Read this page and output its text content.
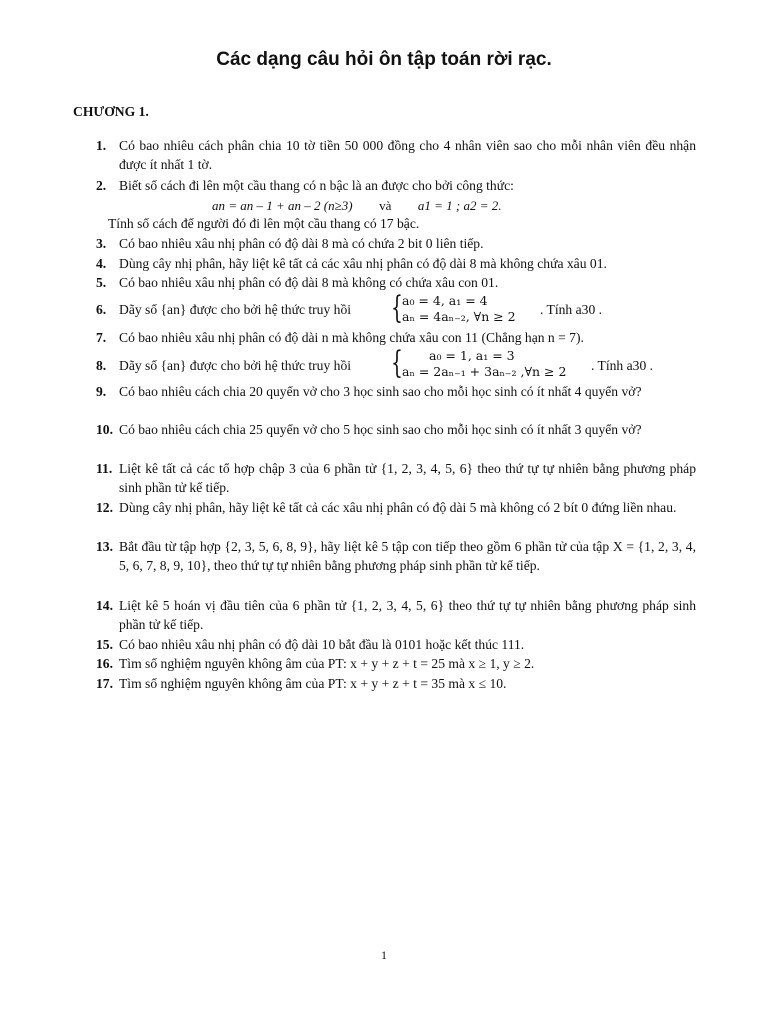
Các dạng câu hỏi ôn tập toán rời rạc.
CHƯƠNG 1.
1. Có bao nhiêu cách phân chia 10 tờ tiền 50 000 đồng cho 4 nhân viên sao cho mỗi nhân viên đều nhận được ít nhất 1 tờ.
2. Biết số cách đi lên một cầu thang có n bậc là an được cho bởi công thức:
an = an – 1 + an – 2 (n≥3) và a1 = 1 ; a2 = 2.
Tính số cách để người đó đi lên một cầu thang có 17 bậc.
3. Có bao nhiêu xâu nhị phân có độ dài 8 mà có chứa 2 bit 0 liên tiếp.
4. Dùng cây nhị phân, hãy liệt kê tất cả các xâu nhị phân có độ dài 8 mà không chứa xâu 01.
5. Có bao nhiêu xâu nhị phân có độ dài 8 mà không có chứa xâu con 01.
6. Dãy số {an} được cho bởi hệ thức truy hồi	{ a₀ = 4, a₁ = 4
aₙ = 4aₙ₋₂, ∀n ≥ 2 . Tính a30 .
7. Có bao nhiêu xâu nhị phân có độ dài n mà không chứa xâu con 11 (Chẳng hạn n = 7).
8. Dãy số {an} được cho bởi hệ thức truy hồi	{ a₀ = 1, a₁ = 3
aₙ = 2aₙ₋₁ + 3aₙ₋₂ ,∀n ≥ 2 . Tính a30 .
9. Có bao nhiêu cách chia 20 quyển vở cho 3 học sinh sao cho mỗi học sinh có ít nhất 4 quyển vở?
10. Có bao nhiêu cách chia 25 quyển vở cho 5 học sinh sao cho mỗi học sinh có ít nhất 3 quyển vở?
11. Liệt kê tất cả các tổ hợp chập 3 của 6 phần tử {1, 2, 3, 4, 5, 6} theo thứ tự tự nhiên bằng phương pháp sinh phần tử kế tiếp.
12. Dùng cây nhị phân, hãy liệt kê tất cả các xâu nhị phân có độ dài 5 mà không có 2 bít 0 đứng liền nhau.
13. Bắt đầu từ tập hợp {2, 3, 5, 6, 8, 9}, hãy liệt kê 5 tập con tiếp theo gồm 6 phần tử của tập X = {1, 2, 3, 4, 5, 6, 7, 8, 9, 10}, theo thứ tự tự nhiên bằng phương pháp sinh phần tử kế tiếp.
14. Liệt kê 5 hoán vị đầu tiên của 6 phần tử {1, 2, 3, 4, 5, 6} theo thứ tự tự nhiên bằng phương pháp sinh phần tử kế tiếp.
15. Có bao nhiêu xâu nhị phân có độ dài 10 bắt đầu là 0101 hoặc kết thúc 111.
16. Tìm số nghiệm nguyên không âm của PT: x + y + z + t = 25 mà x ≥ 1, y ≥ 2.
17. Tìm số nghiệm nguyên không âm của PT: x + y + z + t = 35 mà x ≤ 10.
1
